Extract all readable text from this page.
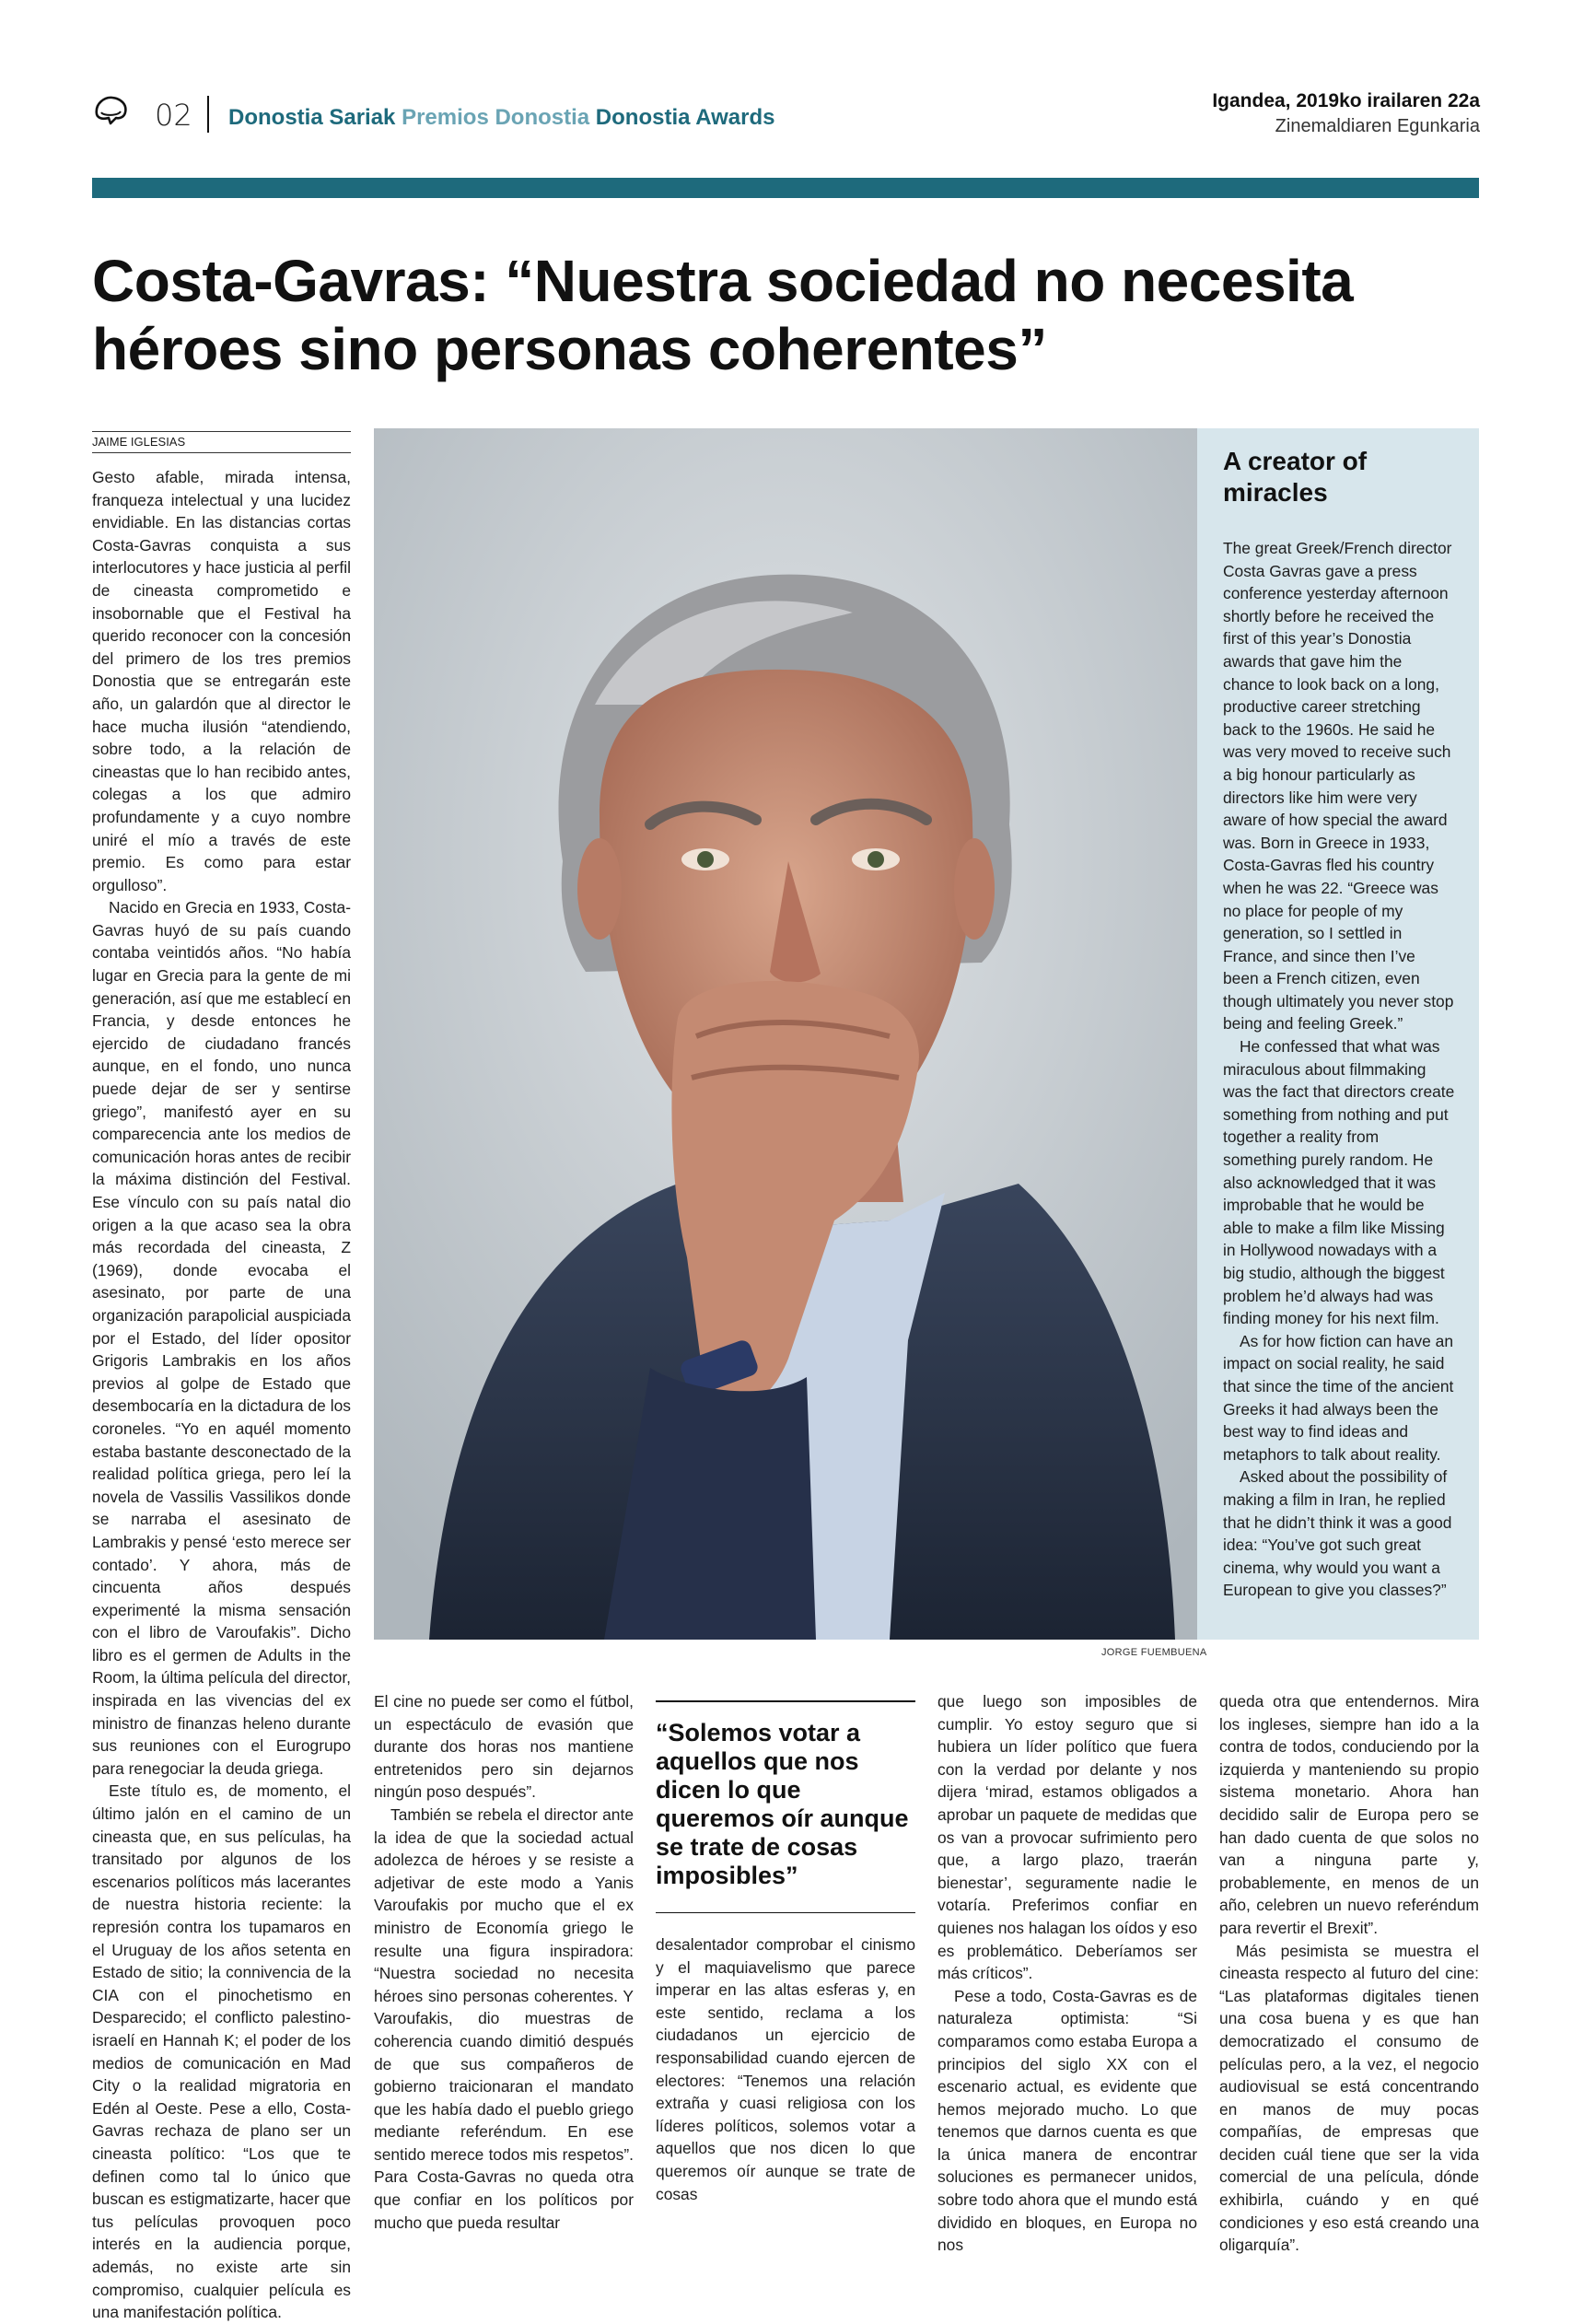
02 Donostia Sariak Premios Donostia Donostia Awards
Igandea, 2019ko irailaren 22a
Zinemaldiaren Egunkaria
Costa-Gavras: “Nuestra sociedad no necesita héroes sino personas coherentes”
JAIME IGLESIAS

Gesto afable, mirada intensa, franqueza intelectual y una lucidez envidiable. En las distancias cortas Costa-Gavras conquista a sus interlocutores y hace justicia al perfil de cineasta comprometido e insobornable que el Festival ha querido reconocer con la concesión del primero de los tres premios Donostia que se entregarán este año, un galardón que al director le hace mucha ilusión “atendiendo, sobre todo, a la relación de cineastas que lo han recibido antes, colegas a los que admiro profundamente y a cuyo nombre uniré el mío a través de este premio. Es como para estar orgulloso”.

Nacido en Grecia en 1933, Costa-Gavras huyó de su país cuando contaba veintidós años. “No había lugar en Grecia para la gente de mi generación, así que me establecí en Francia, y desde entonces he ejercido de ciudadano francés aunque, en el fondo, uno nunca puede dejar de ser y sentirse griego”, manifestó ayer en su comparecencia ante los medios de comunicación horas antes de recibir la máxima distinción del Festival. Ese vínculo con su país natal dio origen a la que acaso sea la obra más recordada del cineasta, Z (1969), donde evocaba el asesinato, por parte de una organización parapolicial auspiciada por el Estado, del líder opositor Grigoris Lambrakis en los años previos al golpe de Estado que desembocaría en la dictadura de los coroneles. “Yo en aquél momento estaba bastante desconectado de la realidad política griega, pero leí la novela de Vassilis Vassilikos donde se narraba el asesinato de Lambrakis y pensé ‘esto merece ser contado’. Y ahora, más de cincuenta años después experimenté la misma sensación con el libro de Varoufakis”. Dicho libro es el germen de Adults in the Room, la última película del director, inspirada en las vivencias del ex ministro de finanzas heleno durante sus reuniones con el Eurogrupo para renegociar la deuda griega.

Este título es, de momento, el último jalón en el camino de un cineasta que, en sus películas, ha transitado por algunos de los escenarios políticos más lacerantes de nuestra historia reciente: la represión contra los tupamaros en el Uruguay de los años setenta en Estado de sitio; la connivencia de la CIA con el pinochetismo en Desparecido; el conflicto palestino-israelí en Hannah K; el poder de los medios de comunicación en Mad City o la realidad migratoria en Edén al Oeste. Pese a ello, Costa-Gavras rechaza de plano ser un cineasta político: “Los que te definen como tal lo único que buscan es estigmatizarte, hacer que tus películas provoquen poco interés en la audiencia porque, además, no existe arte sin compromiso, cualquier película es una manifestación política.

JORGE FUEMBUENA
A creator of miracles

The great Greek/French director Costa Gavras gave a press conference yesterday afternoon shortly before he received the first of this year’s Donostia awards that gave him the chance to look back on a long, productive career stretching back to the 1960s. He said he was very moved to receive such a big honour particularly as directors like him were very aware of how special the award was. Born in Greece in 1933, Costa-Gavras fled his country when he was 22. “Greece was no place for people of my generation, so I settled in France, and since then I’ve been a French citizen, even though ultimately you never stop being and feeling Greek.”

He confessed that what was miraculous about filmmaking was the fact that directors create something from nothing and put together a reality from something purely random. He also acknowledged that it was improbable that he would be able to make a film like Missing in Hollywood nowadays with a big studio, although the biggest problem he’d always had was finding money for his next film.

As for how fiction can have an impact on social reality, he said that since the time of the ancient Greeks it had always been the best way to find ideas and metaphors to talk about reality.

Asked about the possibility of making a film in Iran, he replied that he didn’t think it was a good idea: “You’ve got such great cinema, why would you want a European to give you classes?”

El cine no puede ser como el fútbol, un espectáculo de evasión que durante dos horas nos mantiene entretenidos pero sin dejarnos ningún poso después”.

También se rebela el director ante la idea de que la sociedad actual adolezca de héroes y se resiste a adjetivar de este modo a Yanis Varoufakis por mucho que el ex ministro de Economía griego le resulte una figura inspiradora: “Nuestra sociedad no necesita héroes sino personas coherentes. Y Varoufakis, dio muestras de coherencia cuando dimitió después de que sus compañeros de gobierno traicionaran el mandato que les había dado el pueblo griego mediante referéndum. En ese sentido merece todos mis respetos”. Para Costa-Gavras no queda otra que confiar en los políticos por mucho que pueda resultar

“Solemos votar a aquellos que nos dicen lo que queremos oír aunque se trate de cosas imposibles”

desalentador comprobar el cinismo y el maquiavelismo que parece imperar en las altas esferas y, en este sentido, reclama a los ciudadanos un ejercicio de responsabilidad cuando ejercen de electores: “Tenemos una relación extraña y cuasi religiosa con los líderes políticos, solemos votar a aquellos que nos dicen lo que queremos oír aunque se trate de cosas

que luego son imposibles de cumplir. Yo estoy seguro que si hubiera un líder político que fuera con la verdad por delante y nos dijera ‘mirad, estamos obligados a aprobar un paquete de medidas que os van a provocar sufrimiento pero que, a largo plazo, traerán bienestar’, seguramente nadie le votaría. Preferimos confiar en quienes nos halagan los oídos y eso es problemático. Deberíamos ser más críticos”.

Pese a todo, Costa-Gavras es de naturaleza optimista: “Si comparamos como estaba Europa a principios del siglo XX con el escenario actual, es evidente que hemos mejorado mucho. Lo que tenemos que darnos cuenta es que la única manera de encontrar soluciones es permanecer unidos, sobre todo ahora que el mundo está dividido en bloques, en Europa no nos

queda otra que entendernos. Mira los ingleses, siempre han ido a la contra de todos, conduciendo por la izquierda y manteniendo su propio sistema monetario. Ahora han decidido salir de Europa pero se han dado cuenta de que solos no van a ninguna parte y, probablemente, en menos de un año, celebren un nuevo referéndum para revertir el Brexit”.

Más pesimista se muestra el cineasta respecto al futuro del cine: “Las plataformas digitales tienen una cosa buena y es que han democratizado el consumo de películas pero, a la vez, el negocio audiovisual se está concentrando en manos de muy pocas compañías, de empresas que deciden cuál tiene que ser la vida comercial de una película, dónde exhibirla, cuándo y en qué condiciones y eso está creando una oligarquía”.
